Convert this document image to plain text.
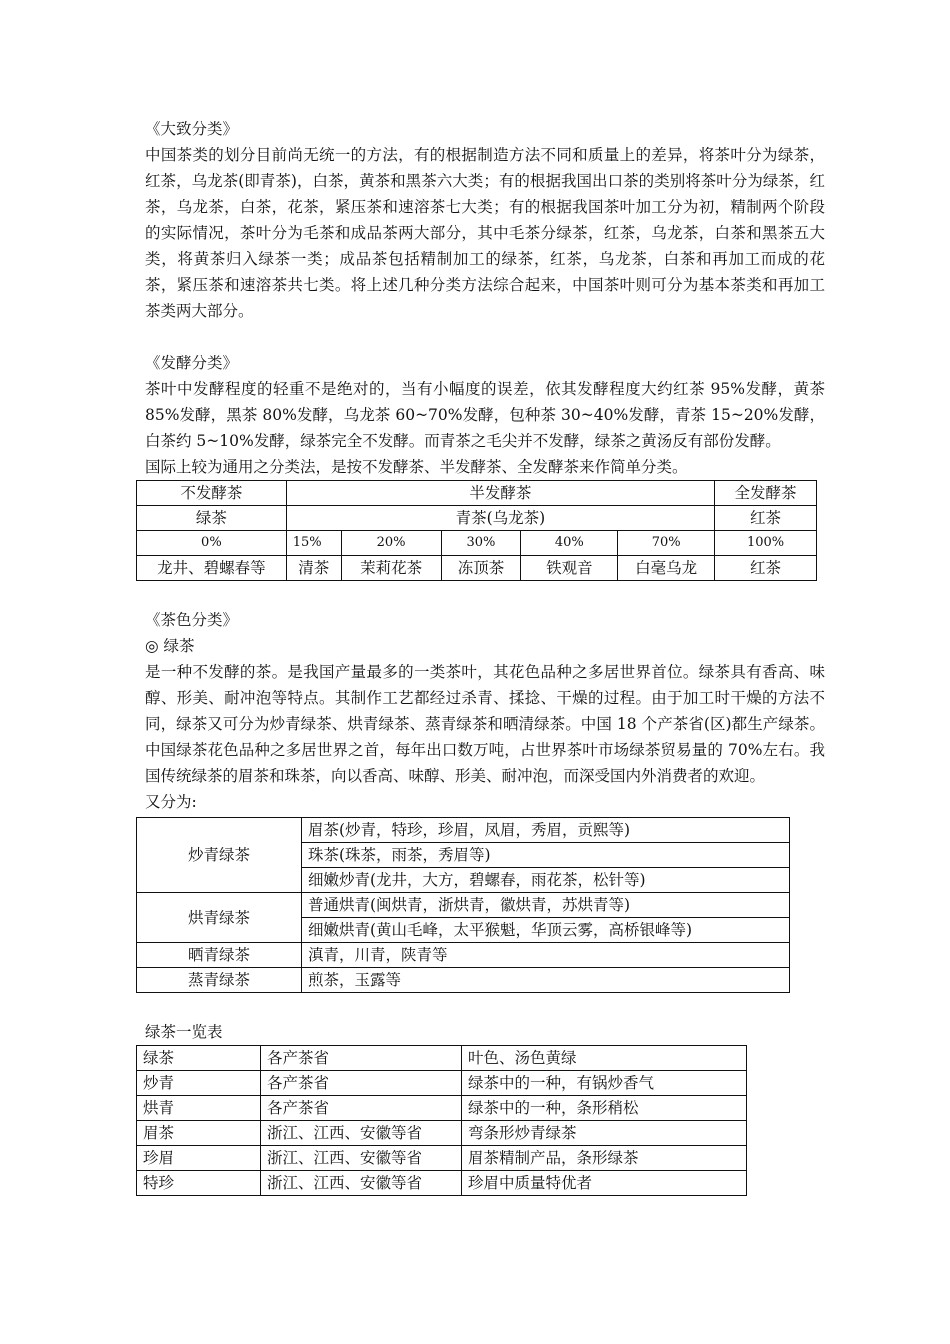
《大致分类》

中国茶类的划分目前尚无统一的方法，有的根据制造方法不同和质量上的差异，将茶叶分为绿茶，红茶，乌龙茶(即青茶)，白茶，黄茶和黑茶六大类；有的根据我国出口茶的类别将茶叶分为绿茶，红茶，乌龙茶，白茶，花茶，紧压茶和速溶茶七大类；有的根据我国茶叶加工分为初，精制两个阶段的实际情况，茶叶分为毛茶和成品茶两大部分，其中毛茶分绿茶，红茶，乌龙茶，白茶和黑茶五大类，将黄茶归入绿茶一类；成品茶包括精制加工的绿茶，红茶，乌龙茶，白茶和再加工而成的花茶，紧压茶和速溶茶共七类。将上述几种分类方法综合起来，中国茶叶则可分为基本茶类和再加工茶类两大部分。

《发酵分类》

茶叶中发酵程度的轻重不是绝对的，当有小幅度的误差，依其发酵程度大约红茶 95%发酵，黄茶 85%发酵，黑茶 80%发酵，乌龙茶 60~70%发酵，包种茶 30~40%发酵，青茶 15~20%发酵，白茶约 5~10%发酵，绿茶完全不发酵。而青茶之毛尖并不发酵，绿茶之黄汤反有部份发酵。

国际上较为通用之分类法，是按不发酵茶、半发酵茶、全发酵茶来作简单分类。

不发酵茶	半发酵茶					全发酵茶
绿茶	青茶(乌龙茶)					红茶
0%	15%	20%	30%	40%	70%	100%
龙井、碧螺春等	清茶	茉莉花茶	冻顶茶	铁观音	白毫乌龙	红茶

《茶色分类》

◎ 绿茶

是一种不发酵的茶。是我国产量最多的一类茶叶，其花色品种之多居世界首位。绿茶具有香高、味醇、形美、耐冲泡等特点。其制作工艺都经过杀青、揉捻、干燥的过程。由于加工时干燥的方法不同，绿茶又可分为炒青绿茶、烘青绿茶、蒸青绿茶和晒清绿茶。中国 18 个产茶省(区)都生产绿茶。中国绿茶花色品种之多居世界之首，每年出口数万吨，占世界茶叶市场绿茶贸易量的 70%左右。我国传统绿茶的眉茶和珠茶，向以香高、味醇、形美、耐冲泡，而深受国内外消费者的欢迎。

又分为:

炒青绿茶	眉茶(炒青，特珍，珍眉，凤眉，秀眉，贡熙等)
	珠茶(珠茶，雨茶，秀眉等)
	细嫩炒青(龙井，大方，碧螺春，雨花茶，松针等)
烘青绿茶	普通烘青(闽烘青，浙烘青，徽烘青，苏烘青等)
	细嫩烘青(黄山毛峰，太平猴魁，华顶云雾，高桥银峰等)
晒青绿茶	滇青，川青，陕青等
蒸青绿茶	煎茶，玉露等

绿茶一览表

绿茶	各产茶省	叶色、汤色黄绿
炒青	各产茶省	绿茶中的一种，有锅炒香气
烘青	各产茶省	绿茶中的一种，条形稍松
眉茶	浙江、江西、安徽等省	弯条形炒青绿茶
珍眉	浙江、江西、安徽等省	眉茶精制产品，条形绿茶
特珍	浙江、江西、安徽等省	珍眉中质量特优者
